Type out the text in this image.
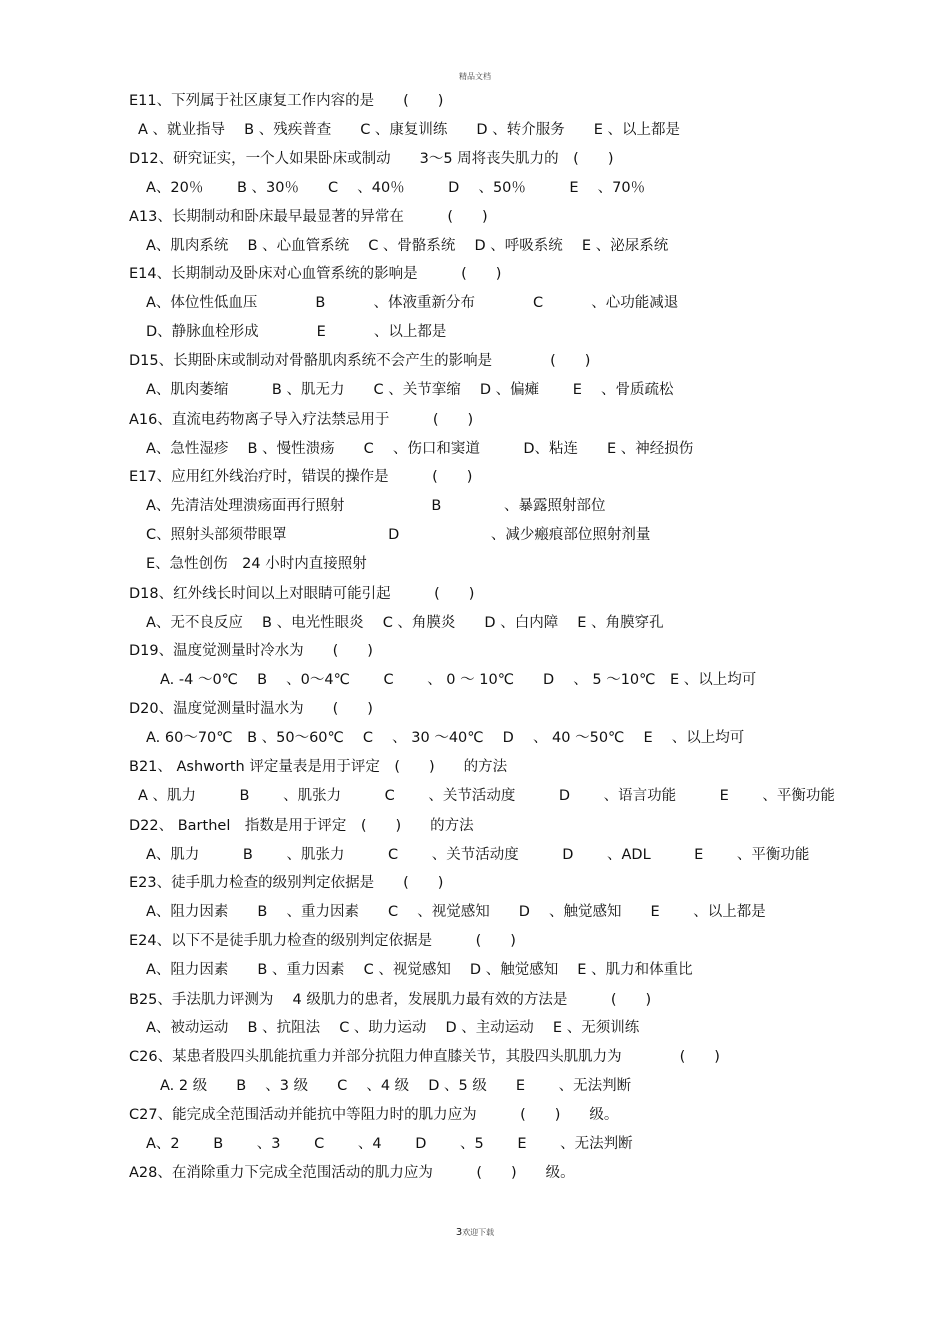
精品文档
E11、下列属于社区康复工作内容的是　　(　　)
A 、就业指导　 B 、残疾普查　　C 、康复训练　　D 、转介服务　　E 、以上都是
D12、研究证实，一个人如果卧床或制动　　3～5 周将丧失肌力的　(　　)
A、20％　　 B 、30％　　C 　、40％　　　D 　、50％　　　E 　、70％
A13、长期制动和卧床最早最显著的异常在　　　(　　)
A、肌肉系统　 B 、心血管系统　 C 、骨骼系统　 D 、呼吸系统　 E 、泌尿系统
E14、长期制动及卧床对心血管系统的影响是　　　(　　)
A、体位性低血压　　　　B 　　　、体液重新分布　　　　C 　　　、心功能减退
D、静脉血栓形成　　　　E 　　　、以上都是
D15、长期卧床或制动对骨骼肌肉系统不会产生的影响是　　　　(　　)
A、肌肉萎缩　　　B 、肌无力　　C 、关节挛缩　 D 、偏瘫　　 E 　、骨质疏松
A16、直流电药物离子导入疗法禁忌用于　　　(　　)
A、急性湿疹　 B 、慢性溃疡　　C 　、伤口和窦道　　　D、粘连　　E 、神经损伤
E17、应用红外线治疗时，错误的操作是　　　(　　)
A、先清洁处理溃疡面再行照射　　　　　　B 　　　　、暴露照射部位
C、照射头部须带眼罩　　　　　　　D 　　　　　　、减少瘢痕部位照射剂量
E、急性创伤　24 小时内直接照射
D18、红外线长时间以上对眼睛可能引起　　　(　　)
A、无不良反应　 B 、电光性眼炎　 C 、角膜炎　　D 、白内障　 E 、角膜穿孔
D19、温度觉测量时冷水为　　(　　)
A. -4 ～0℃　 B 　、0～4℃　　 C 　　、 0 ～ 10℃　　D 　、 5 ～10℃　E 、以上均可
D20、温度觉测量时温水为　　(　　)
A. 60～70℃　B 、50～60℃　 C 　、 30 ～40℃　 D 　、 40 ～50℃　 E 　、以上均可
B21、 Ashworth 评定量表是用于评定　(　　)　　的方法
A 、肌力　　　B 　　、肌张力　　　C 　　、关节活动度　　　D 　　、语言功能　　　E 　　、平衡功能
D22、 Barthel　指数是用于评定　(　　)　　的方法
A、肌力　　　B 　　、肌张力　　　C 　　、关节活动度　　　D 　　、ADL　　　E 　　、平衡功能
E23、徒手肌力检查的级别判定依据是　　(　　)
A、阻力因素　　B 　、重力因素　　C 　、视觉感知　　D 　、触觉感知　　E 　　、以上都是
E24、以下不是徒手肌力检查的级别判定依据是　　　(　　)
A、阻力因素　　B 、重力因素　 C 、视觉感知　 D 、触觉感知　 E 、肌力和体重比
B25、手法肌力评测为　 4 级肌力的患者，发展肌力最有效的方法是　　　(　　)
A、被动运动　 B 、抗阻法　 C 、助力运动　 D 、主动运动　 E 、无须训练
C26、某患者股四头肌能抗重力并部分抗阻力伸直膝关节，其股四头肌肌力为　　　　(　　)
A. 2 级　　B 　、3 级　　C 　、4 级　 D 、5 级　　E 　　、无法判断
C27、能完成全范围活动并能抗中等阻力时的肌力应为　　　(　　)　　级。
A、2　　 B 　　、3　　 C 　　、4　　 D 　　、5　　 E 　　、无法判断
A28、在消除重力下完成全范围活动的肌力应为　　　(　　)　　级。
3欢迎下载
